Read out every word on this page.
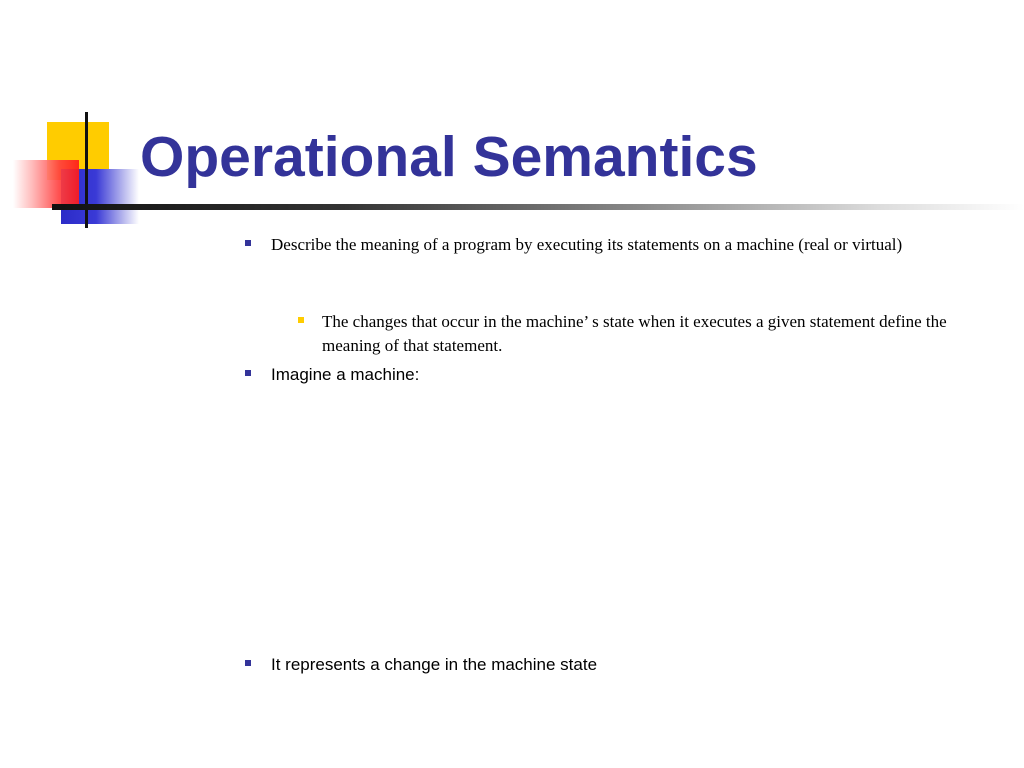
Operational Semantics
Describe the meaning of a program by executing its statements on a machine (real or virtual)
The changes that occur in the machine’ s state when it executes a given statement define the meaning of that statement.
Imagine a machine:
It represents a change in the machine state
